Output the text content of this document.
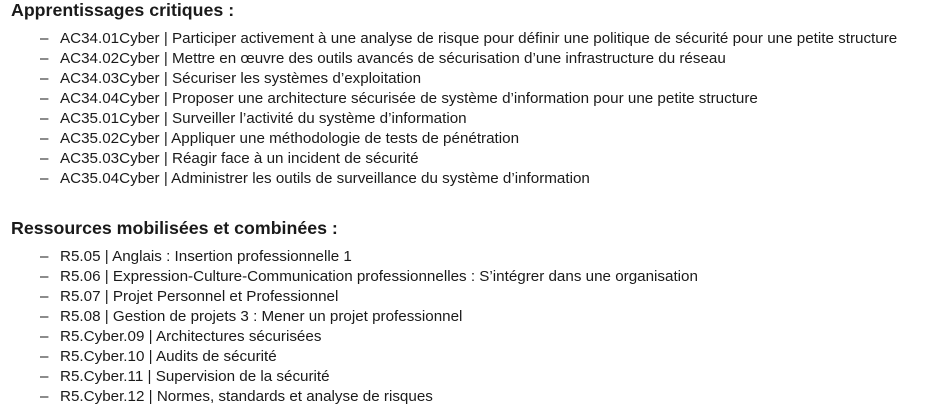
Apprentissages critiques :
– AC34.01Cyber | Participer activement à une analyse de risque pour définir une politique de sécurité pour une petite structure
– AC34.02Cyber | Mettre en œuvre des outils avancés de sécurisation d’une infrastructure du réseau
– AC34.03Cyber | Sécuriser les systèmes d’exploitation
– AC34.04Cyber | Proposer une architecture sécurisée de système d’information pour une petite structure
– AC35.01Cyber | Surveiller l’activité du système d’information
– AC35.02Cyber | Appliquer une méthodologie de tests de pénétration
– AC35.03Cyber | Réagir face à un incident de sécurité
– AC35.04Cyber | Administrer les outils de surveillance du système d’information
Ressources mobilisées et combinées :
– R5.05 | Anglais : Insertion professionnelle 1
– R5.06 | Expression-Culture-Communication professionnelles : S’intégrer dans une organisation
– R5.07 | Projet Personnel et Professionnel
– R5.08 | Gestion de projets 3 : Mener un projet professionnel
– R5.Cyber.09 | Architectures sécurisées
– R5.Cyber.10 | Audits de sécurité
– R5.Cyber.11 | Supervision de la sécurité
– R5.Cyber.12 | Normes, standards et analyse de risques
